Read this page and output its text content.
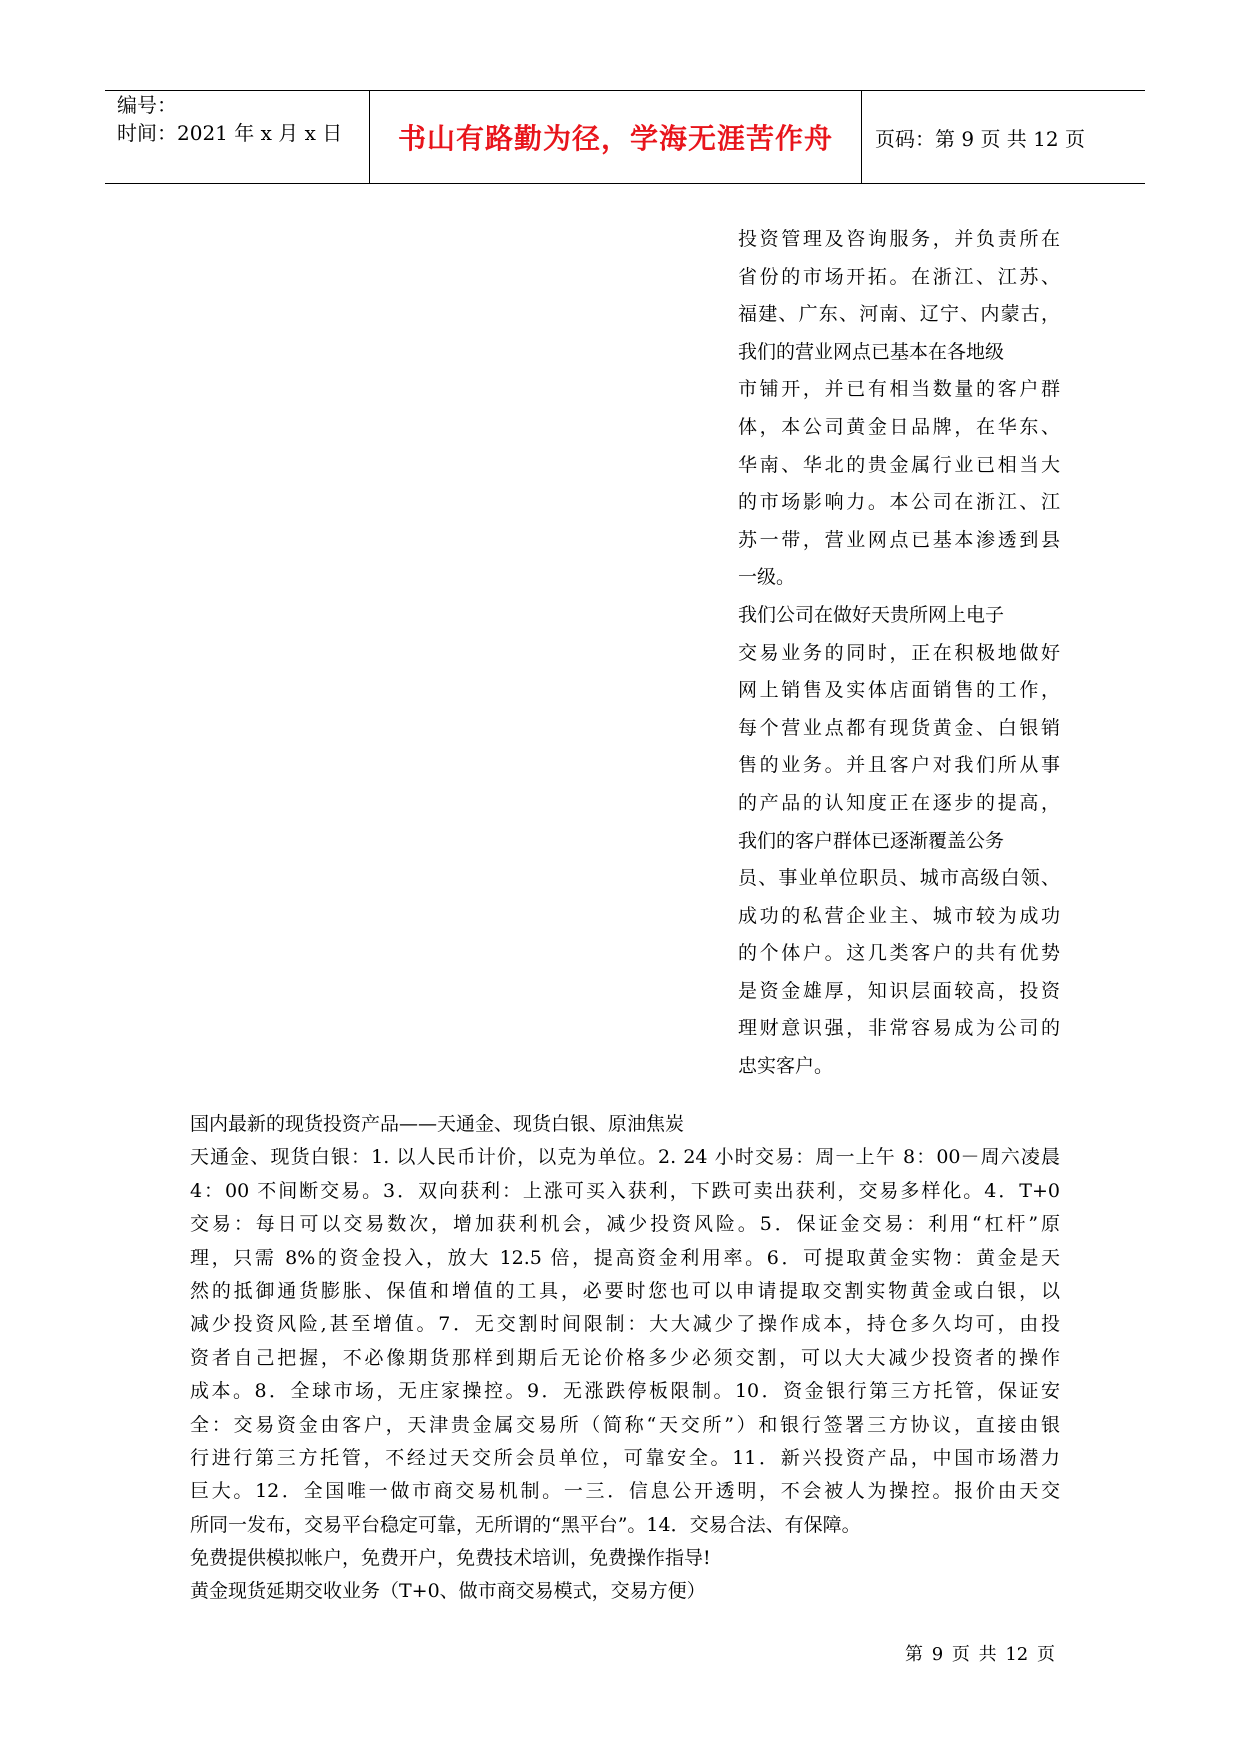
编号：
时间：2021 年 x 月 x 日 书山有路勤为径，学海无涯苦作舟 页码：第 9 页 共 12 页
投资管理及咨询服务，并负责所在
省份的市场开拓。在浙江、江苏、
福建、广东、河南、辽宁、内蒙古，
我们的营业网点已基本在各地级
市铺开，并已有相当数量的客户群
体，本公司黄金日品牌，在华东、
华南、华北的贵金属行业已相当大
的市场影响力。本公司在浙江、江
苏一带，营业网点已基本渗透到县
一级。
我们公司在做好天贵所网上电子
交易业务的同时，正在积极地做好
网上销售及实体店面销售的工作，
每个营业点都有现货黄金、白银销
售的业务。并且客户对我们所从事
的产品的认知度正在逐步的提高，
我们的客户群体已逐渐覆盖公务
员、事业单位职员、城市高级白领、
成功的私营企业主、城市较为成功
的个体户。这几类客户的共有优势
是资金雄厚，知识层面较高，投资
理财意识强，非常容易成为公司的
忠实客户。
国内最新的现货投资产品——天通金、现货白银、原油焦炭
天通金、现货白银：1. 以人民币计价，以克为单位。2. 24 小时交易：周一上午 8：00－周六凌晨
4：00 不间断交易。3．双向获利：上涨可买入获利，下跌可卖出获利，交易多样化。4．T+0
交易：每日可以交易数次，增加获利机会，减少投资风险。5．保证金交易：利用“杠杆”原
理，只需 8%的资金投入，放大 12.5 倍，提高资金利用率。6．可提取黄金实物：黄金是天
然的抵御通货膨胀、保值和增值的工具，必要时您也可以申请提取交割实物黄金或白银，以
减少投资风险,甚至增值。7．无交割时间限制：大大减少了操作成本，持仓多久均可，由投
资者自己把握，不必像期货那样到期后无论价格多少必须交割，可以大大减少投资者的操作
成本。8．全球市场，无庄家操控。9．无涨跌停板限制。10．资金银行第三方托管，保证安
全：交易资金由客户，天津贵金属交易所（简称“天交所”）和银行签署三方协议，直接由银
行进行第三方托管，不经过天交所会员单位，可靠安全。11．新兴投资产品，中国市场潜力
巨大。12．全国唯一做市商交易机制。一三．信息公开透明，不会被人为操控。报价由天交
所同一发布，交易平台稳定可靠，无所谓的“黑平台”。14．交易合法、有保障。
免费提供模拟帐户，免费开户，免费技术培训，免费操作指导!
黄金现货延期交收业务（T+0、做市商交易模式，交易方便）
第 9 页 共 12 页
